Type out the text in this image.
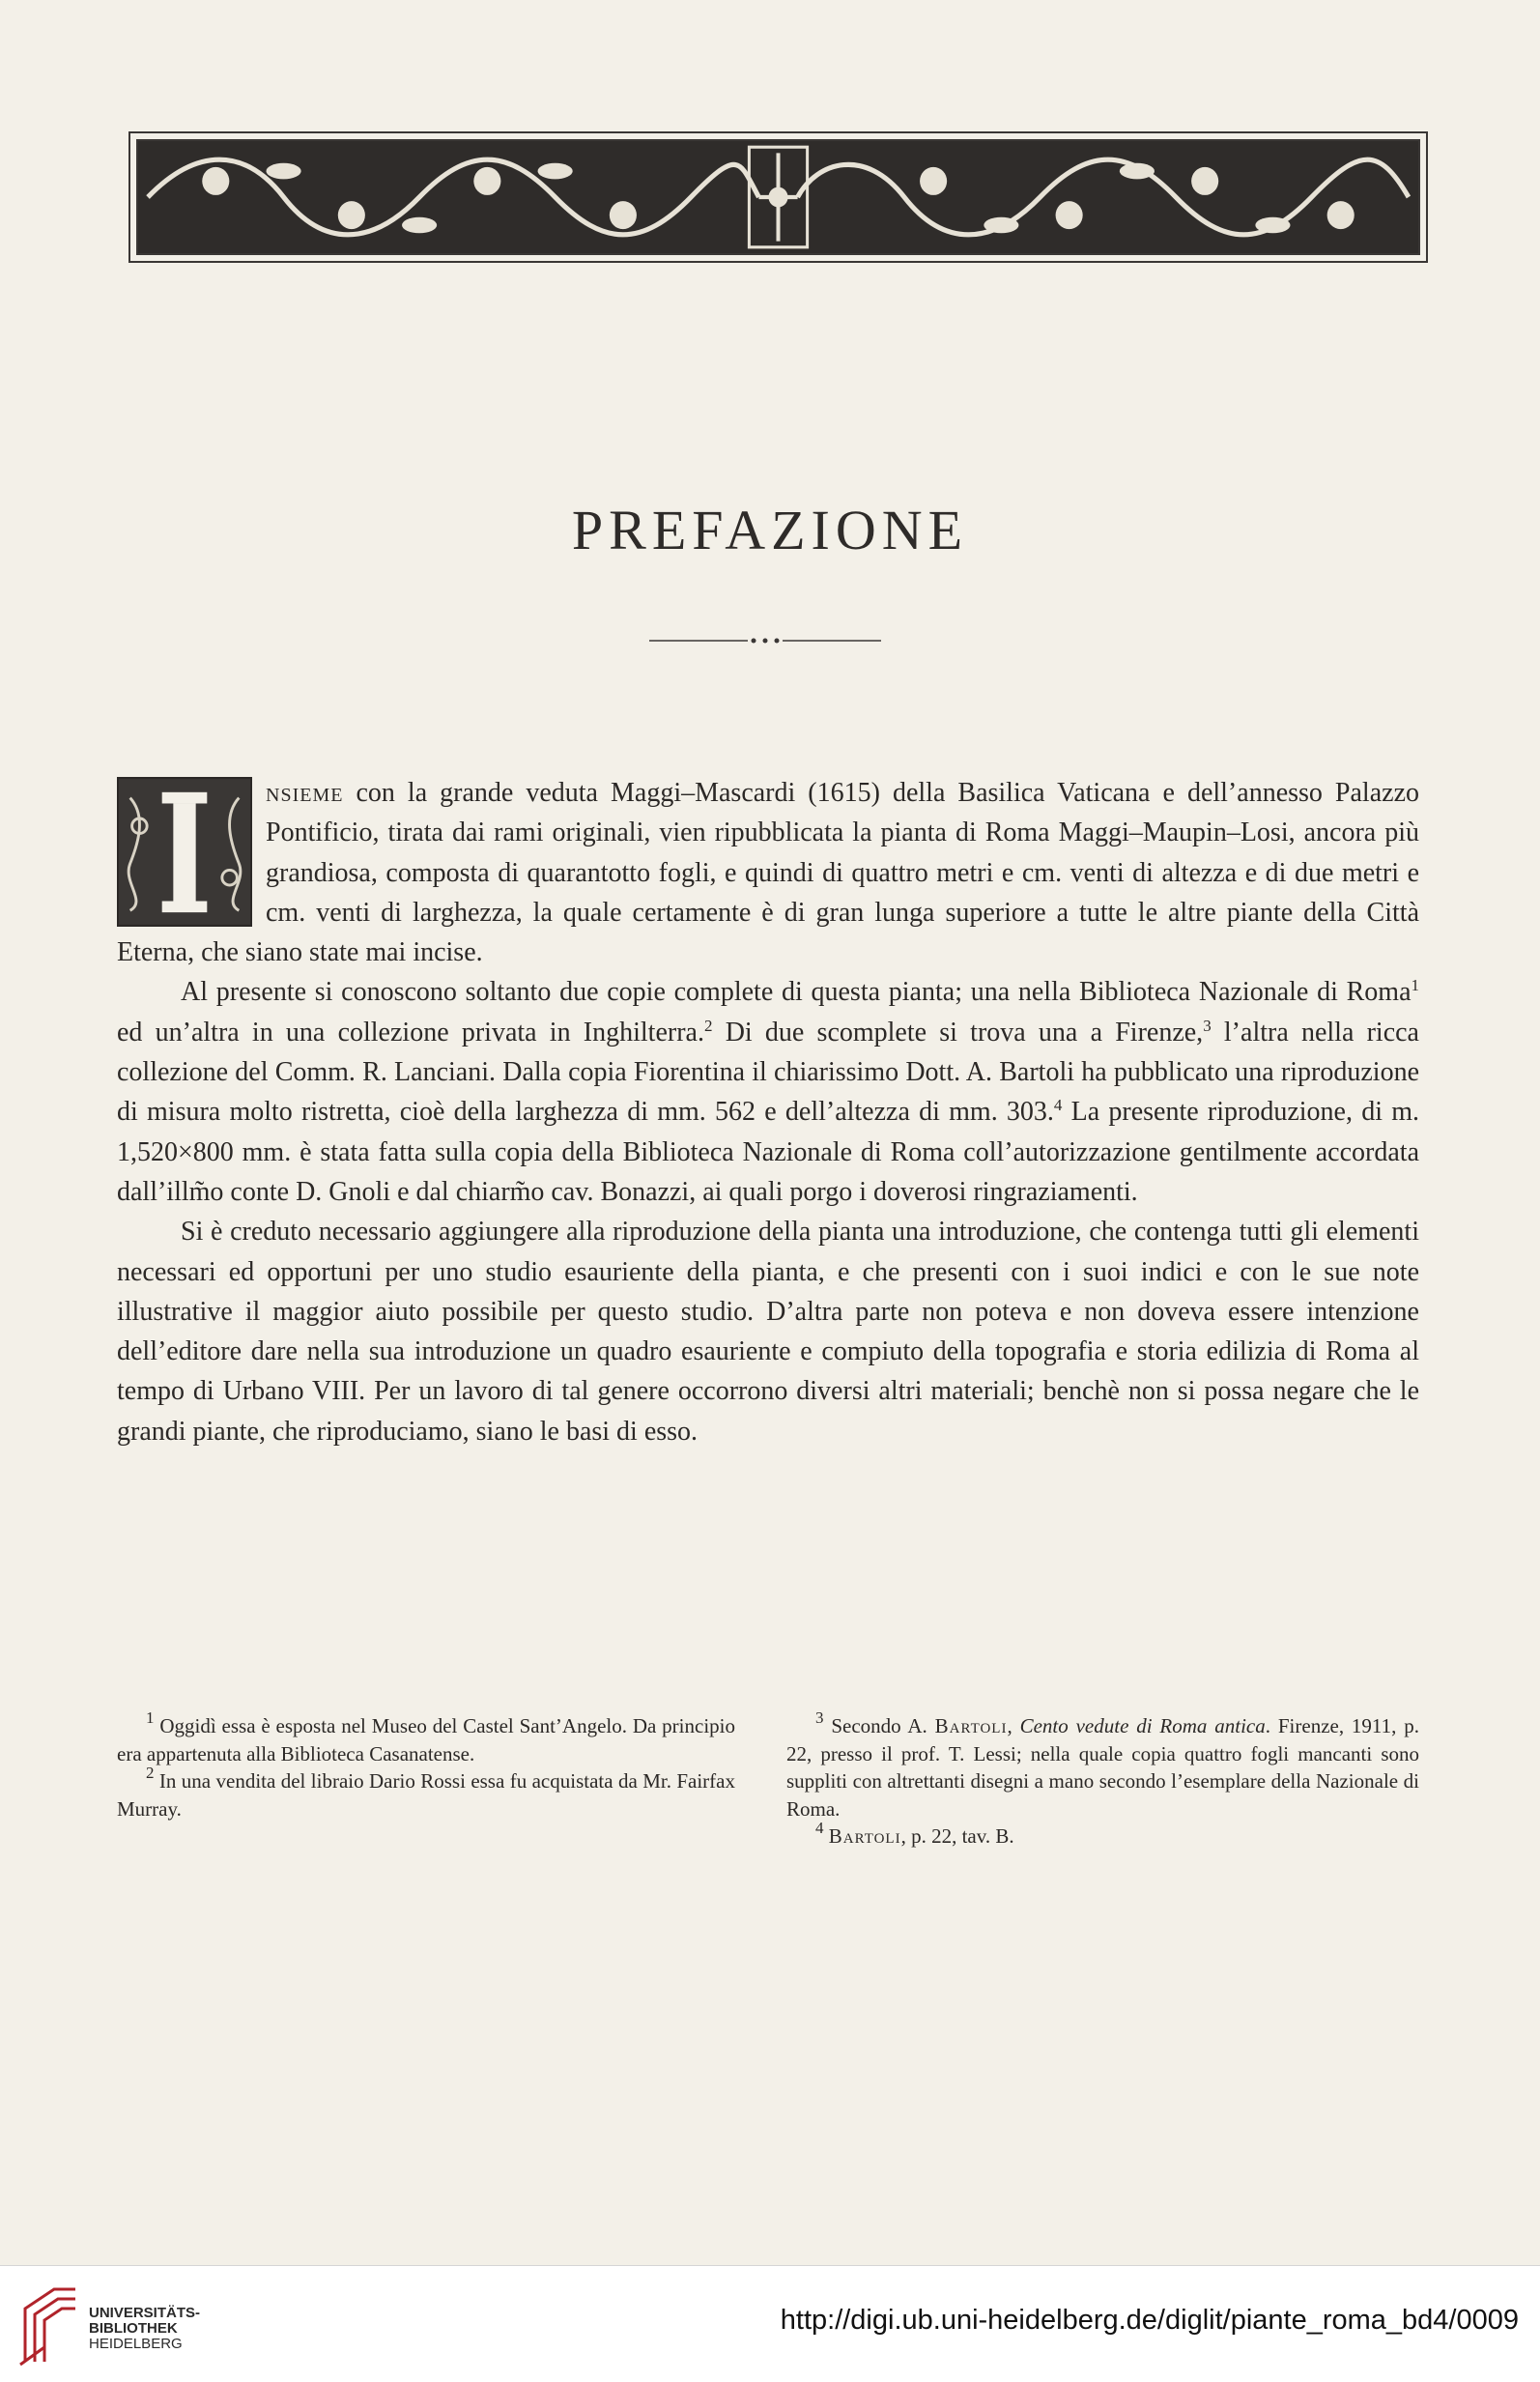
PREFAZIONE

I
nsieme con la grande veduta Maggi–Mascardi (1615) della Basilica Vaticana e dell’annesso Palazzo Pontificio, tirata dai rami originali, vien ripubblicata la pianta di Roma Maggi–Maupin–Losi, ancora più grandiosa, composta di quarantotto fogli, e quindi di quattro metri e cm. venti di altezza e di due metri e cm. venti di larghezza, la quale certamente è di gran lunga superiore a tutte le altre piante della Città Eterna, che siano state mai incise.

Al presente si conoscono soltanto due copie complete di questa pianta; una nella Biblioteca Nazionale di Roma$^1$ ed un’altra in una collezione privata in Inghilterra.$^2$ Di due scomplete si trova una a Firenze,$^3$ l’altra nella ricca collezione del Comm. R. Lanciani. Dalla copia Fiorentina il chiarissimo Dott. A. Bartoli ha pubblicato una riproduzione di misura molto ristretta, cioè della larghezza di mm. 562 e dell’altezza di mm. 303.$^4$ La presente riproduzione, di m. 1,520×800 mm. è stata fatta sulla copia della Biblioteca Nazionale di Roma coll’autorizzazione gentilmente accordata dall’illm̃o conte D. Gnoli e dal chiarm̃o cav. Bonazzi, ai quali porgo i doverosi ringraziamenti.

Si è creduto necessario aggiungere alla riproduzione della pianta una introduzione, che contenga tutti gli elementi necessari ed opportuni per uno studio esauriente della pianta, e che presenti con i suoi indici e con le sue note illustrative il maggior aiuto possibile per questo studio. D’altra parte non poteva e non doveva essere intenzione dell’editore dare nella sua introduzione un quadro esauriente e compiuto della topografia e storia edilizia di Roma al tempo di Urbano VIII. Per un lavoro di tal genere occorrono diversi altri materiali; benchè non si possa negare che le grandi piante, che riproduciamo, siano le basi di esso.

$^1$ Oggidì essa è esposta nel Museo del Castel Sant’Angelo. Da principio era appartenuta alla Biblioteca Casanatense.

$^2$ In una vendita del libraio Dario Rossi essa fu acquistata da Mr. Fairfax Murray.

$^3$ Secondo A. Bartoli, Cento vedute di Roma antica. Firenze, 1911, p. 22, presso il prof. T. Lessi; nella quale copia quattro fogli mancanti sono suppliti con altrettanti disegni a mano secondo l’esemplare della Nazionale di Roma.

$^4$ Bartoli, p. 22, tav. B.

UNIVERSITÄTS-
BIBLIOTHEK
HEIDELBERG
http://digi.ub.uni-heidelberg.de/diglit/piante_roma_bd4/0009
